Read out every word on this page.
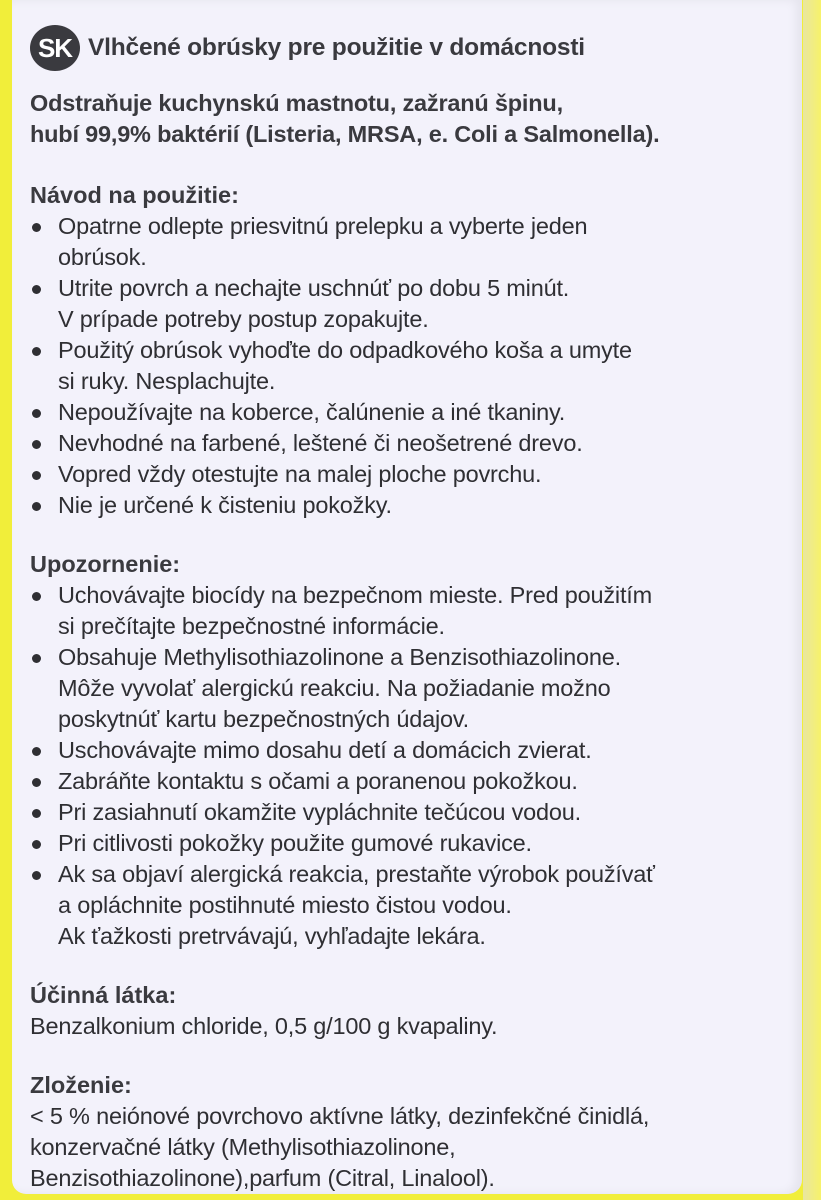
SK Vlhčené obrúsky pre použitie v domácnosti
Odstraňuje kuchynskú mastnotu, zažranú špinu,
hubí 99,9% baktérií (Listeria, MRSA, e. Coli a Salmonella).
Návod na použitie:
Opatrne odlepte priesvitnú prelepku a vyberte jeden
obrúsok.
Utrite povrch a nechajte uschnúť po dobu 5 minút.
V prípade potreby postup zopakujte.
Použitý obrúsok vyhoďte do odpadkového koša a umyte
si ruky. Nesplachujte.
Nepoužívajte na koberce, čalúnenie a iné tkaniny.
Nevhodné na farbené, leštené či neošetrené drevo.
Vopred vždy otestujte na malej ploche povrchu.
Nie je určené k čisteniu pokožky.
Upozornenie:
Uchovávajte biocídy na bezpečnom mieste. Pred použitím
si prečítajte bezpečnostné informácie.
Obsahuje Methylisothiazolinone a Benzisothiazolinone.
Môže vyvolať alergickú reakciu. Na požiadanie možno
poskytnúť kartu bezpečnostných údajov.
Uschovávajte mimo dosahu detí a domácich zvierat.
Zabráňte kontaktu s očami a poranenou pokožkou.
Pri zasiahnutí okamžite vypláchnite tečúcou vodou.
Pri citlivosti pokožky použite gumové rukavice.
Ak sa objaví alergická reakcia, prestaňte výrobok používať
a opláchnite postihnuté miesto čistou vodou.
Ak ťažkosti pretrvávajú, vyhľadajte lekára.
Účinná látka:
Benzalkonium chloride, 0,5 g/100 g kvapaliny.
Zloženie:
< 5 % neiónové povrchovo aktívne látky, dezinfekčné činidlá,
konzervačné látky (Methylisothiazolinone,
Benzisothiazolinone),parfum (Citral, Linalool).
